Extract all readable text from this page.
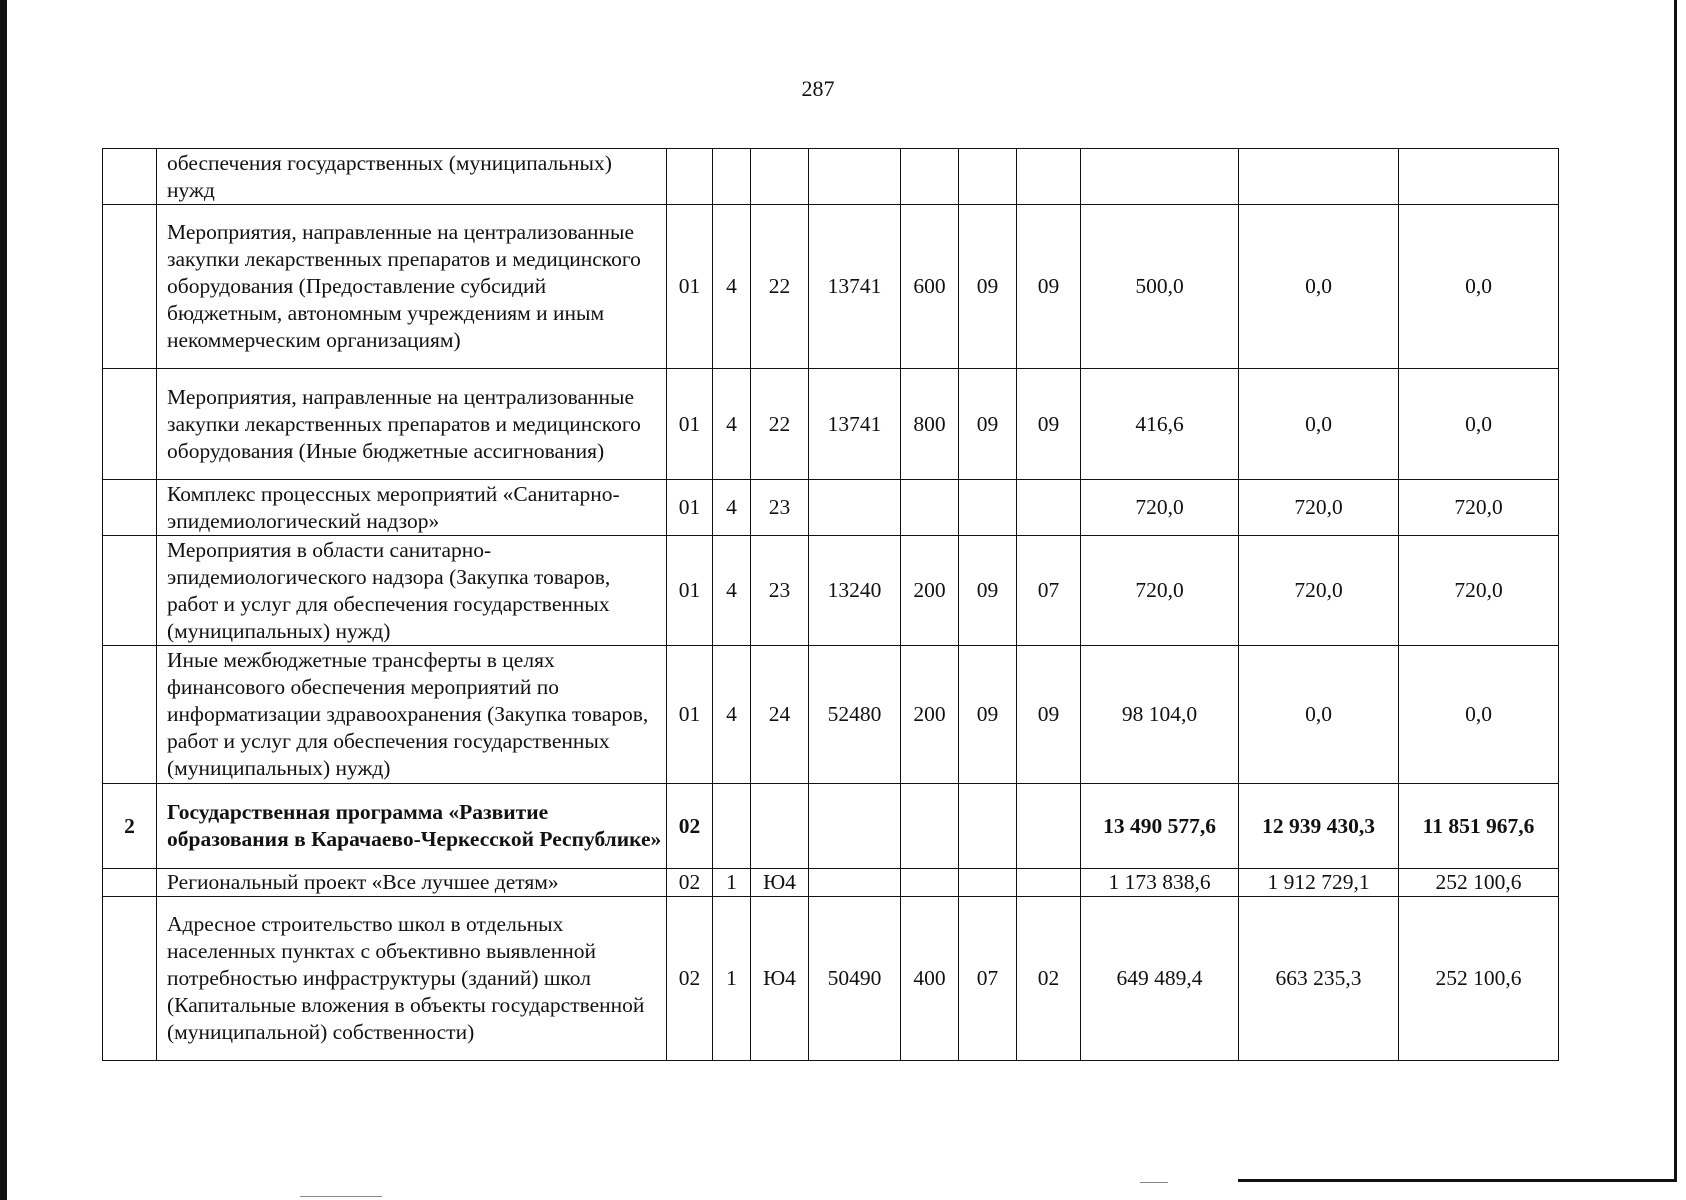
287
	обеспечения государственных (муниципальных) нужд										
	Мероприятия, направленные на централизованные закупки лекарственных препаратов и медицинского оборудования (Предоставление субсидий бюджетным, автономным учреждениям и иным некоммерческим организациям)	01	4	22	13741	600	09	09	500,0	0,0	0,0
	Мероприятия, направленные на централизованные закупки лекарственных препаратов и медицинского оборудования (Иные бюджетные ассигнования)	01	4	22	13741	800	09	09	416,6	0,0	0,0
	Комплекс процессных мероприятий «Санитарно-эпидемиологический надзор»	01	4	23					720,0	720,0	720,0
	Мероприятия в области санитарно-эпидемиологического надзора (Закупка товаров, работ и услуг для обеспечения государственных (муниципальных) нужд)	01	4	23	13240	200	09	07	720,0	720,0	720,0
	Иные межбюджетные трансферты в целях финансового обеспечения мероприятий по информатизации здравоохранения (Закупка товаров, работ и услуг для обеспечения государственных (муниципальных) нужд)	01	4	24	52480	200	09	09	98 104,0	0,0	0,0
2	Государственная программа «Развитие образования в Карачаево-Черкесской Республике»	02							13 490 577,6	12 939 430,3	11 851 967,6
	Региональный проект «Все лучшее детям»	02	1	Ю4					1 173 838,6	1 912 729,1	252 100,6
	Адресное строительство школ в отдельных населенных пунктах с объективно выявленной потребностью инфраструктуры (зданий) школ (Капитальные вложения в объекты государственной (муниципальной) собственности)	02	1	Ю4	50490	400	07	02	649 489,4	663 235,3	252 100,6
